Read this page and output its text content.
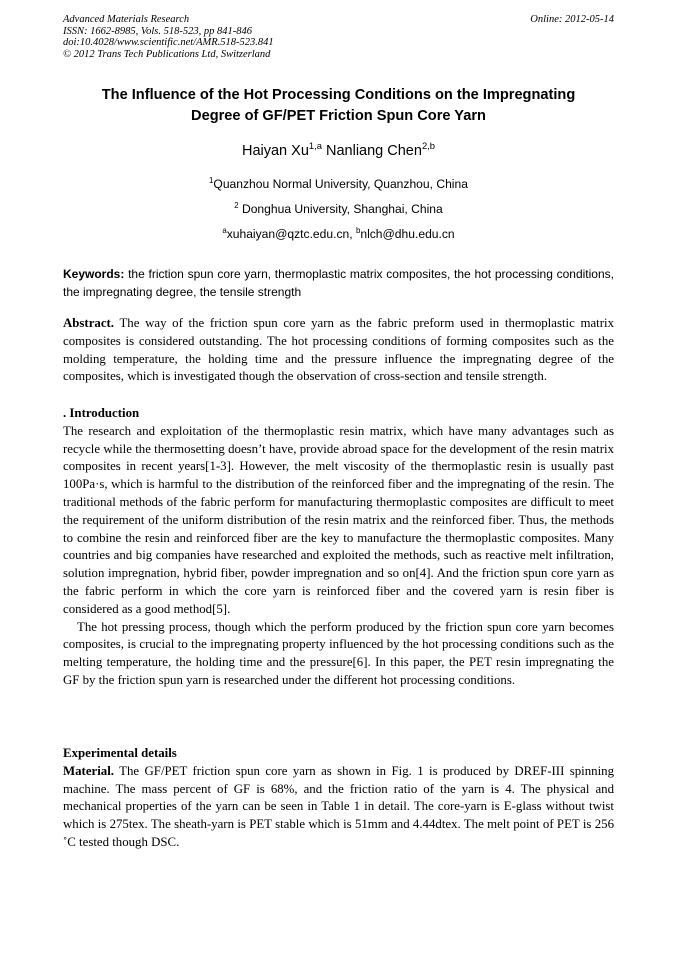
Advanced Materials Research
ISSN: 1662-8985, Vols. 518-523, pp 841-846
doi:10.4028/www.scientific.net/AMR.518-523.841
© 2012 Trans Tech Publications Ltd, Switzerland
Online: 2012-05-14
The Influence of the Hot Processing Conditions on the Impregnating
Degree of GF/PET Friction Spun Core Yarn
Haiyan Xu$^{1,a}$ Nanliang Chen$^{2,b}$
$^1$Quanzhou Normal University, Quanzhou, China
$^2$ Donghua University, Shanghai, China
$^a$xuhaiyan@qztc.edu.cn, $^b$nlch@dhu.edu.cn
Keywords: the friction spun core yarn, thermoplastic matrix composites, the hot processing conditions, the impregnating degree, the tensile strength
Abstract. The way of the friction spun core yarn as the fabric preform used in thermoplastic matrix composites is considered outstanding. The hot processing conditions of forming composites such as the molding temperature, the holding time and the pressure influence the impregnating degree of the composites, which is investigated though the observation of cross-section and tensile strength.

. Introduction

The research and exploitation of the thermoplastic resin matrix, which have many advantages such as recycle while the thermosetting doesn’t have, provide abroad space for the development of the resin matrix composites in recent years[1-3]. However, the melt viscosity of the thermoplastic resin is usually past 100Pa·s, which is harmful to the distribution of the reinforced fiber and the impregnating of the resin. The traditional methods of the fabric perform for manufacturing thermoplastic composites are difficult to meet the requirement of the uniform distribution of the resin matrix and the reinforced fiber. Thus, the methods to combine the resin and reinforced fiber are the key to manufacture the thermoplastic composites. Many countries and big companies have researched and exploited the methods, such as reactive melt infiltration, solution impregnation, hybrid fiber, powder impregnation and so on[4]. And the friction spun core yarn as the fabric perform in which the core yarn is reinforced fiber and the covered yarn is resin fiber is considered as a good method[5].

The hot pressing process, though which the perform produced by the friction spun core yarn becomes composites, is crucial to the impregnating property influenced by the hot processing conditions such as the melting temperature, the holding time and the pressure[6]. In this paper, the PET resin impregnating the GF by the friction spun yarn is researched under the different hot processing conditions.

Experimental details

Material. The GF/PET friction spun core yarn as shown in Fig. 1 is produced by DREF-III spinning machine. The mass percent of GF is 68%, and the friction ratio of the yarn is 4. The physical and mechanical properties of the yarn can be seen in Table 1 in detail. The core-yarn is E-glass without twist which is 275tex. The sheath-yarn is PET stable which is 51mm and 4.44dtex. The melt point of PET is 256 ˚C tested though DSC.
